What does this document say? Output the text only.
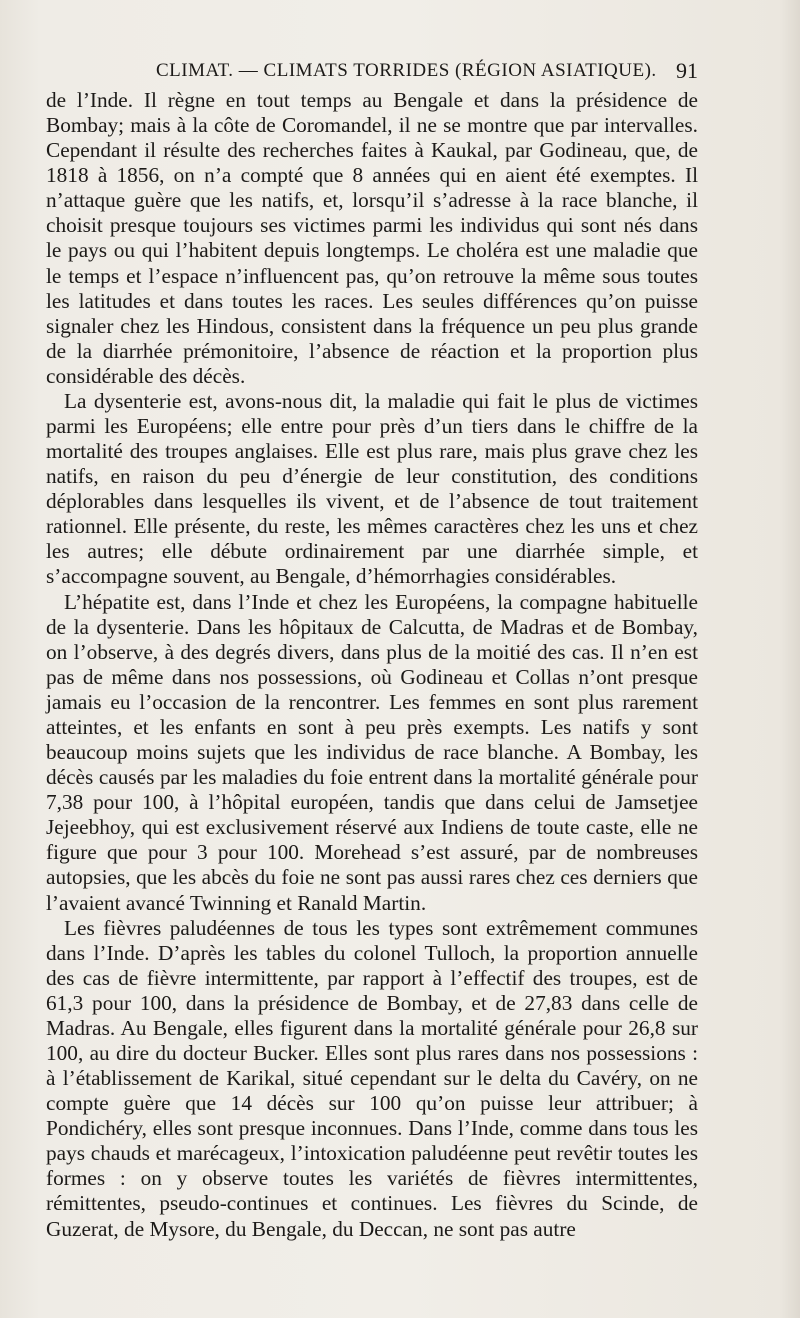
CLIMAT. — CLIMATS TORRIDES (RÉGION ASIATIQUE). 91

de l’Inde. Il règne en tout temps au Bengale et dans la présidence de Bombay; mais à la côte de Coromandel, il ne se montre que par intervalles. Cependant il résulte des recherches faites à Kaukal, par Godineau, que, de 1818 à 1856, on n’a compté que 8 années qui en aient été exemptes. Il n’attaque guère que les natifs, et, lorsqu’il s’adresse à la race blanche, il choisit presque toujours ses victimes parmi les individus qui sont nés dans le pays ou qui l’habitent depuis longtemps. Le choléra est une maladie que le temps et l’espace n’influencent pas, qu’on retrouve la même sous toutes les latitudes et dans toutes les races. Les seules différences qu’on puisse signaler chez les Hindous, consistent dans la fréquence un peu plus grande de la diarrhée prémonitoire, l’absence de réaction et la proportion plus considérable des décès.

La dysenterie est, avons-nous dit, la maladie qui fait le plus de victimes parmi les Européens; elle entre pour près d’un tiers dans le chiffre de la mortalité des troupes anglaises. Elle est plus rare, mais plus grave chez les natifs, en raison du peu d’énergie de leur constitution, des conditions déplorables dans lesquelles ils vivent, et de l’absence de tout traitement rationnel. Elle présente, du reste, les mêmes caractères chez les uns et chez les autres; elle débute ordinairement par une diarrhée simple, et s’accompagne souvent, au Bengale, d’hémorrhagies considérables.

L’hépatite est, dans l’Inde et chez les Européens, la compagne habituelle de la dysenterie. Dans les hôpitaux de Calcutta, de Madras et de Bombay, on l’observe, à des degrés divers, dans plus de la moitié des cas. Il n’en est pas de même dans nos possessions, où Godineau et Collas n’ont presque jamais eu l’occasion de la rencontrer. Les femmes en sont plus rarement atteintes, et les enfants en sont à peu près exempts. Les natifs y sont beaucoup moins sujets que les individus de race blanche. A Bombay, les décès causés par les maladies du foie entrent dans la mortalité générale pour 7,38 pour 100, à l’hôpital européen, tandis que dans celui de Jamsetjee Jejeebhoy, qui est exclusivement réservé aux Indiens de toute caste, elle ne figure que pour 3 pour 100. Morehead s’est assuré, par de nombreuses autopsies, que les abcès du foie ne sont pas aussi rares chez ces derniers que l’avaient avancé Twinning et Ranald Martin.

Les fièvres paludéennes de tous les types sont extrêmement communes dans l’Inde. D’après les tables du colonel Tulloch, la proportion annuelle des cas de fièvre intermittente, par rapport à l’effectif des troupes, est de 61,3 pour 100, dans la présidence de Bombay, et de 27,83 dans celle de Madras. Au Bengale, elles figurent dans la mortalité générale pour 26,8 sur 100, au dire du docteur Bucker. Elles sont plus rares dans nos possessions : à l’établissement de Karikal, situé cependant sur le delta du Cavéry, on ne compte guère que 14 décès sur 100 qu’on puisse leur attribuer; à Pondichéry, elles sont presque inconnues. Dans l’Inde, comme dans tous les pays chauds et marécageux, l’intoxication paludéenne peut revêtir toutes les formes : on y observe toutes les variétés de fièvres intermittentes, rémittentes, pseudo-continues et continues. Les fièvres du Scinde, de Guzerat, de Mysore, du Bengale, du Deccan, ne sont pas autre
